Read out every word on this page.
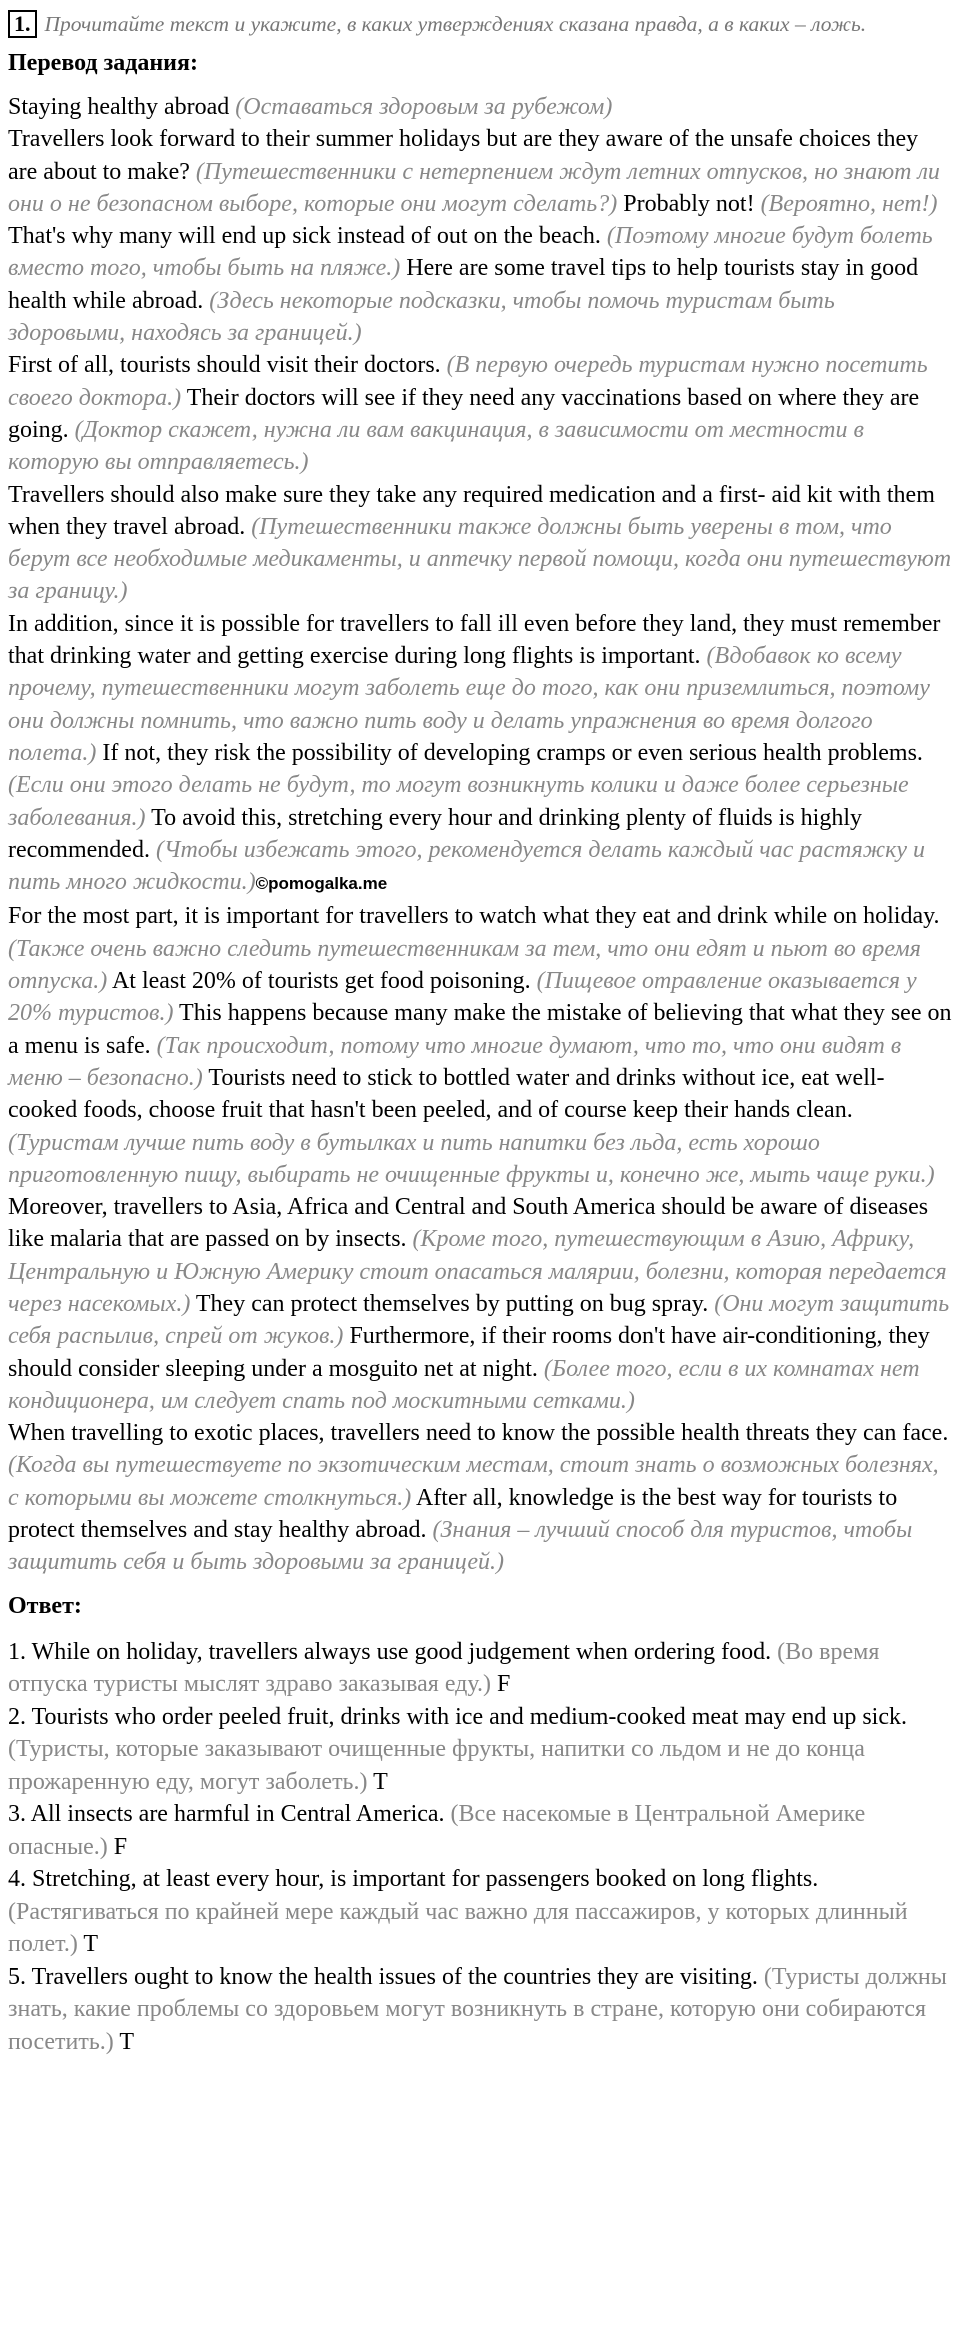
1. Прочитайте текст и укажите, в каких утверждениях сказана правда, а в каких – ложь.
Перевод задания:

Staying healthy abroad (Оставаться здоровым за рубежом)

Travellers look forward to their summer holidays but are they aware of the unsafe choices they are about to make? (Путешественники с нетерпением ждут летних отпусков, но знают ли они о не безопасном выборе, которые они могут сделать?) Probably not! (Вероятно, нет!) That's why many will end up sick instead of out on the beach. (Поэтому многие будут болеть вместо того, чтобы быть на пляже.) Here are some travel tips to help tourists stay in good health while abroad. (Здесь некоторые подсказки, чтобы помочь туристам быть здоровыми, находясь за границей.)

First of all, tourists should visit their doctors. (В первую очередь туристам нужно посетить своего доктора.) Their doctors will see if they need any vaccinations based on where they are going. (Доктор скажет, нужна ли вам вакцинация, в зависимости от местности в которую вы отправляетесь.)

Travellers should also make sure they take any required medication and a first- aid kit with them when they travel abroad. (Путешественники также должны быть уверены в том, что берут все необходимые медикаменты, и аптечку первой помощи, когда они путешествуют за границу.)

In addition, since it is possible for travellers to fall ill even before they land, they must remember that drinking water and getting exercise during long flights is important. (Вдобавок ко всему прочему, путешественники могут заболеть еще до того, как они приземлиться, поэтому они должны помнить, что важно пить воду и делать упражнения во время долгого полета.) If not, they risk the possibility of developing cramps or even serious health problems. (Если они этого делать не будут, то могут возникнуть колики и даже более серьезные заболевания.) To avoid this, stretching every hour and drinking plenty of fluids is highly recommended. (Чтобы избежать этого, рекомендуется делать каждый час растяжку и пить много жидкости.)©pomogalka.me

For the most part, it is important for travellers to watch what they eat and drink while on holiday. (Также очень важно следить путешественникам за тем, что они едят и пьют во время отпуска.) At least 20% of tourists get food poisoning. (Пищевое отравление оказывается у 20% туристов.) This happens because many make the mistake of believing that what they see on a menu is safe. (Так происходит, потому что многие думают, что то, что они видят в меню – безопасно.) Tourists need to stick to bottled water and drinks without ice, eat well-cooked foods, choose fruit that hasn't been peeled, and of course keep their hands clean. (Туристам лучше пить воду в бутылках и пить напитки без льда, есть хорошо приготовленную пищу, выбирать не очищенные фрукты и, конечно же, мыть чаще руки.)

Moreover, travellers to Asia, Africa and Central and South America should be aware of diseases like malaria that are passed on by insects. (Кроме того, путешествующим в Азию, Африку, Центральную и Южную Америку стоит опасаться малярии, болезни, которая передается через насекомых.) They can protect themselves by putting on bug spray. (Они могут защитить себя распылив, спрей от жуков.) Furthermore, if their rooms don't have air-conditioning, they should consider sleeping under a mosguito net at night. (Более того, если в их комнатах нет кондиционера, им следует спать под москитными сетками.)

When travelling to exotic places, travellers need to know the possible health threats they can face. (Когда вы путешествуете по экзотическим местам, стоит знать о возможных болезнях, с которыми вы можете столкнуться.) After all, knowledge is the best way for tourists to protect themselves and stay healthy abroad. (Знания – лучший способ для туристов, чтобы защитить себя и быть здоровыми за границей.)

Ответ:

1. While on holiday, travellers always use good judgement when ordering food. (Во время отпуска туристы мыслят здраво заказывая еду.) F

2. Tourists who order peeled fruit, drinks with ice and medium-cooked meat may end up sick. (Туристы, которые заказывают очищенные фрукты, напитки со льдом и не до конца прожаренную еду, могут заболеть.) T

3. All insects are harmful in Central America. (Все насекомые в Центральной Америке опасные.) F

4. Stretching, at least every hour, is important for passengers booked on long flights. (Растягиваться по крайней мере каждый час важно для пассажиров, у которых длинный полет.) T

5. Travellers ought to know the health issues of the countries they are visiting. (Туристы должны знать, какие проблемы со здоровьем могут возникнуть в стране, которую они собираются посетить.) T
